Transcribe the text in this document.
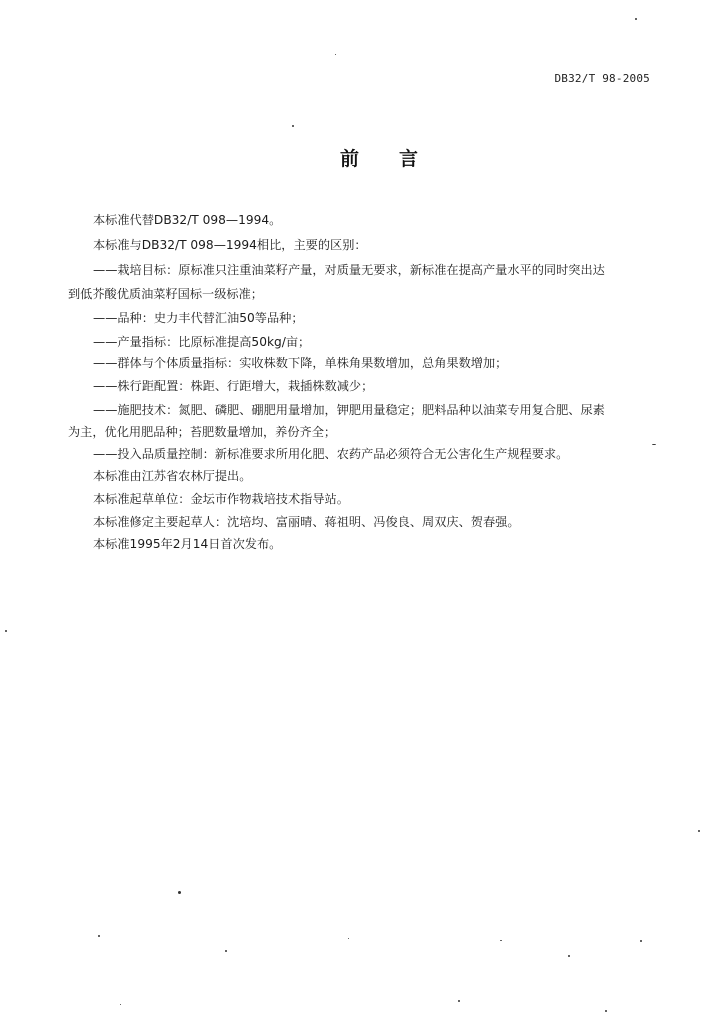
DB32/T 98-2005
前言
本标准代替DB32/T 098—1994。
本标准与DB32/T 098—1994相比，主要的区别：
——栽培目标：原标准只注重油菜籽产量，对质量无要求，新标准在提高产量水平的同时突出达
到低芥酸优质油菜籽国标一级标准；
——品种：史力丰代替汇油50等品种；
——产量指标：比原标准提高50kg/亩；
——群体与个体质量指标：实收株数下降，单株角果数增加，总角果数增加；
——株行距配置：株距、行距增大，栽插株数减少；
——施肥技术：氮肥、磷肥、硼肥用量增加，钾肥用量稳定；肥料品种以油菜专用复合肥、尿素
为主，优化用肥品种；苔肥数量增加，养份齐全；
——投入品质量控制：新标准要求所用化肥、农药产品必须符合无公害化生产规程要求。
本标准由江苏省农林厅提出。
本标准起草单位：金坛市作物栽培技术指导站。
本标准修定主要起草人：沈培均、富丽晴、蒋祖明、冯俊良、周双庆、贺春强。
本标准1995年2月14日首次发布。
